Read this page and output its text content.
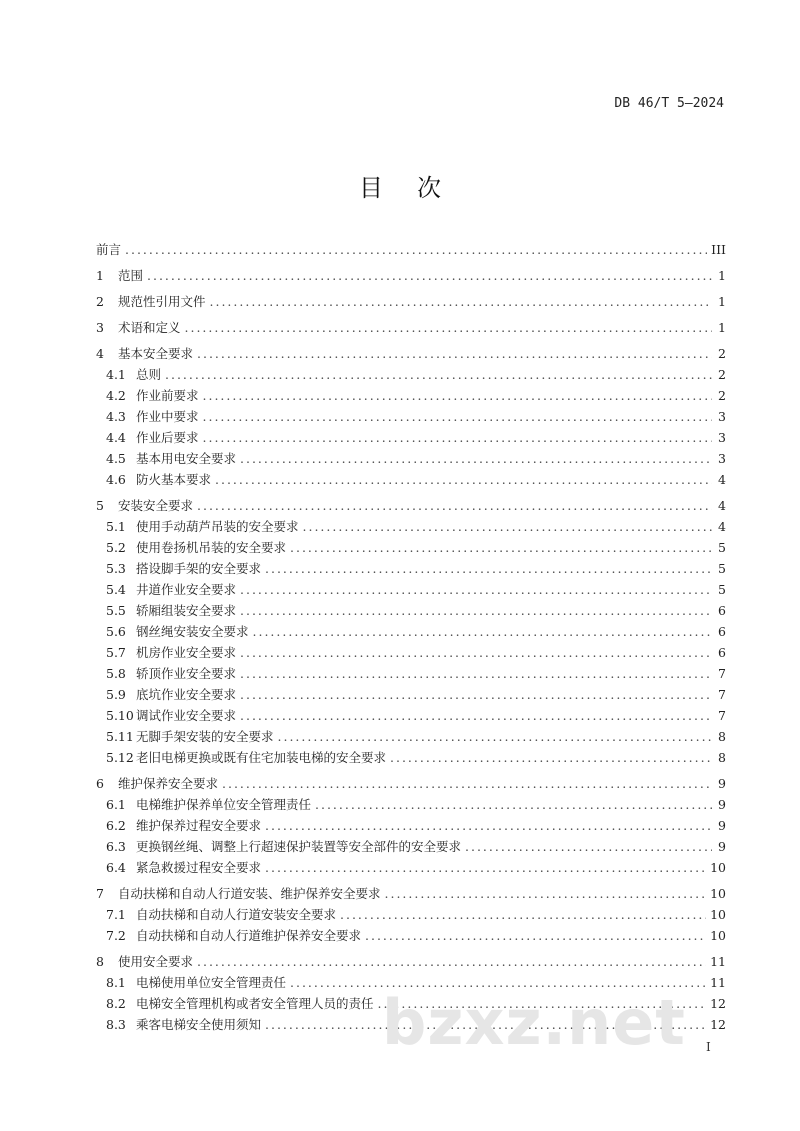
DB 46/T 5—2024
目次
前言 .....	III
1	范围 .....	1
2	规范性引用文件 .....	1
3	术语和定义 .....	1
4	基本安全要求 .....	2
4.1 总则 .....	2
4.2 作业前要求 .....	2
4.3 作业中要求 .....	3
4.4 作业后要求 .....	3
4.5 基本用电安全要求 .....	3
4.6 防火基本要求 .....	4
5	安装安全要求 .....	4
5.1 使用手动葫芦吊装的安全要求 .....	4
5.2 使用卷扬机吊装的安全要求 .....	5
5.3 搭设脚手架的安全要求 .....	5
5.4 井道作业安全要求 .....	5
5.5 轿厢组装安全要求 .....	6
5.6 钢丝绳安装安全要求 .....	6
5.7 机房作业安全要求 .....	6
5.8 轿顶作业安全要求 .....	7
5.9 底坑作业安全要求 .....	7
5.10 调试作业安全要求 .....	7
5.11 无脚手架安装的安全要求 .....	8
5.12 老旧电梯更换或既有住宅加装电梯的安全要求 .....	8
6	维护保养安全要求 .....	9
6.1 电梯维护保养单位安全管理责任 .....	9
6.2 维护保养过程安全要求 .....	9
6.3 更换钢丝绳、调整上行超速保护装置等安全部件的安全要求 .....	9
6.4 紧急救援过程安全要求 .....	10
7	自动扶梯和自动人行道安装、维护保养安全要求 .....	10
7.1 自动扶梯和自动人行道安装安全要求 .....	10
7.2 自动扶梯和自动人行道维护保养安全要求 .....	10
8	使用安全要求 .....	11
8.1 电梯使用单位安全管理责任 .....	11
8.2 电梯安全管理机构或者安全管理人员的责任 .....	12
8.3 乘客电梯安全使用须知 .....	12
bzxz.net I
